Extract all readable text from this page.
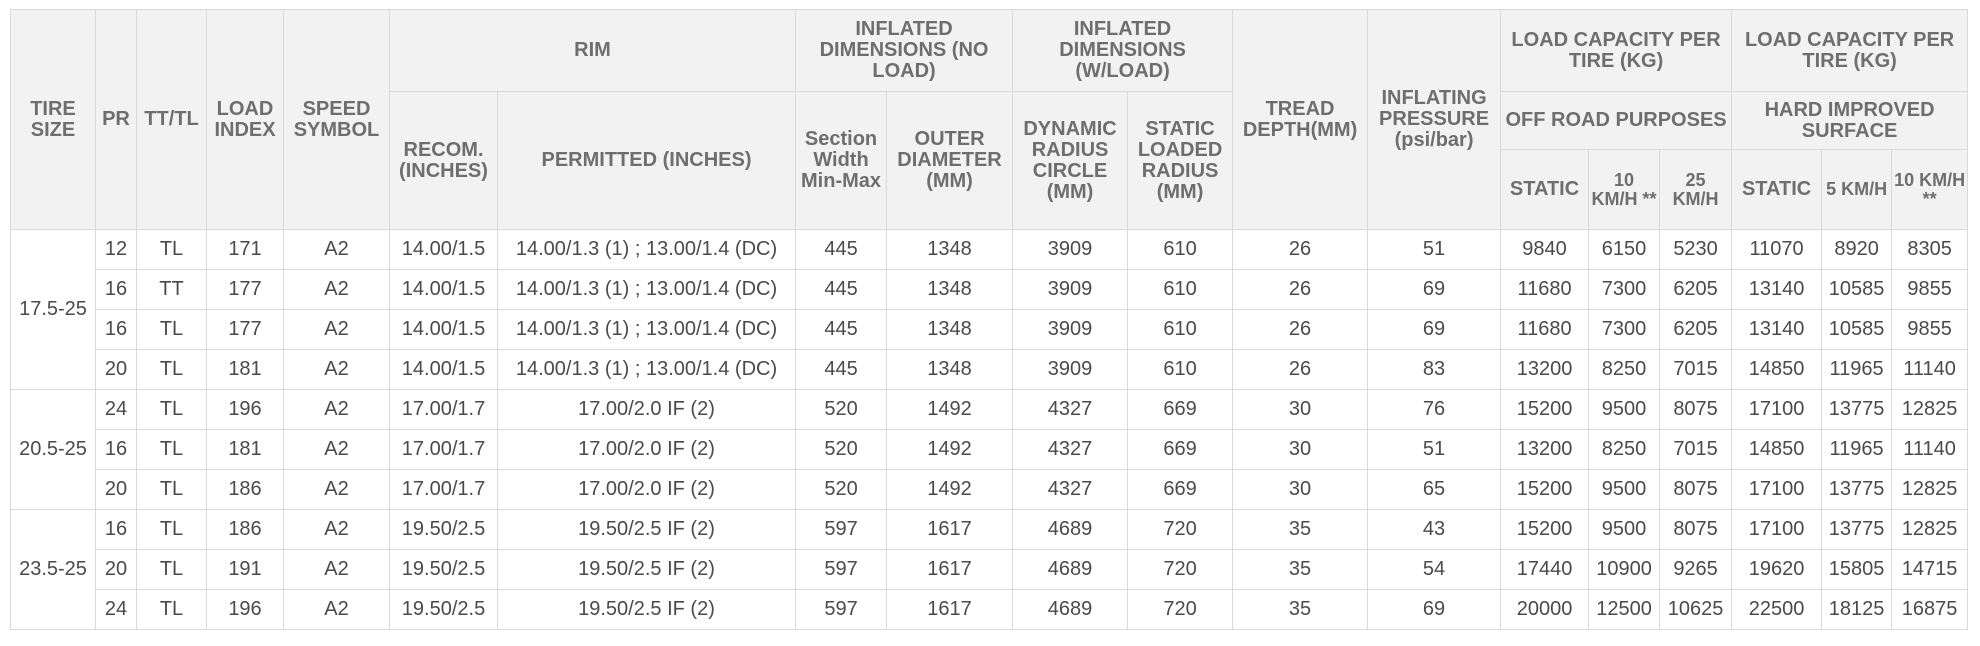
TIRE SIZE	PR	TT/TL	LOAD INDEX	SPEED SYMBOL	RIM		INFLATED DIMENSIONS (NO LOAD)		INFLATED DIMENSIONS (W/LOAD)		TREAD DEPTH(MM)	INFLATING PRESSURE (psi/bar)	LOAD CAPACITY PER TIRE (KG)			LOAD CAPACITY PER TIRE (KG)		
					RECOM. (INCHES)	PERMITTED (INCHES)	Section Width Min-Max	OUTER DIAMETER (MM)	DYNAMIC RADIUS CIRCLE (MM)	STATIC LOADED RADIUS (MM)			OFF ROAD PURPOSES			HARD IMPROVED SURFACE		
													STATIC	10 KM/H **	25 KM/H	STATIC	5 KM/H	10 KM/H **
17.5-25	12	TL	171	A2	14.00/1.5	14.00/1.3 (1) ; 13.00/1.4 (DC)	445	1348	3909	610	26	51	9840	6150	5230	11070	8920	8305
	16	TT	177	A2	14.00/1.5	14.00/1.3 (1) ; 13.00/1.4 (DC)	445	1348	3909	610	26	69	11680	7300	6205	13140	10585	9855
	16	TL	177	A2	14.00/1.5	14.00/1.3 (1) ; 13.00/1.4 (DC)	445	1348	3909	610	26	69	11680	7300	6205	13140	10585	9855
	20	TL	181	A2	14.00/1.5	14.00/1.3 (1) ; 13.00/1.4 (DC)	445	1348	3909	610	26	83	13200	8250	7015	14850	11965	11140
20.5-25	24	TL	196	A2	17.00/1.7	17.00/2.0 IF (2)	520	1492	4327	669	30	76	15200	9500	8075	17100	13775	12825
	16	TL	181	A2	17.00/1.7	17.00/2.0 IF (2)	520	1492	4327	669	30	51	13200	8250	7015	14850	11965	11140
	20	TL	186	A2	17.00/1.7	17.00/2.0 IF (2)	520	1492	4327	669	30	65	15200	9500	8075	17100	13775	12825
23.5-25	16	TL	186	A2	19.50/2.5	19.50/2.5 IF (2)	597	1617	4689	720	35	43	15200	9500	8075	17100	13775	12825
	20	TL	191	A2	19.50/2.5	19.50/2.5 IF (2)	597	1617	4689	720	35	54	17440	10900	9265	19620	15805	14715
	24	TL	196	A2	19.50/2.5	19.50/2.5 IF (2)	597	1617	4689	720	35	69	20000	12500	10625	22500	18125	16875
